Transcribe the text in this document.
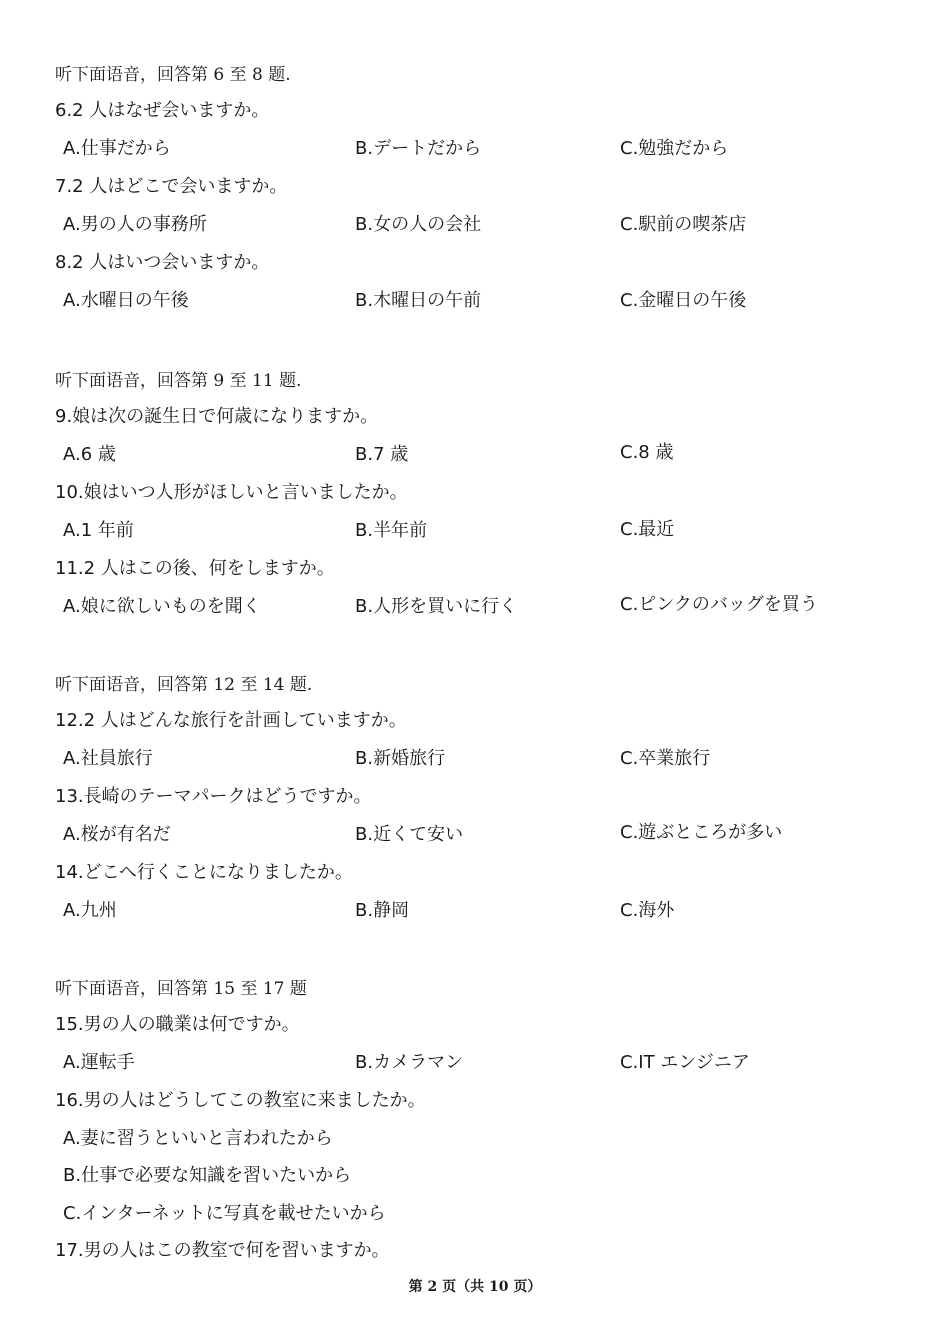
听下面语音，回答第 6 至 8 题.
6.2 人はなぜ会いますか。
A.仕事だから	B.デートだから	C.勉強だから
7.2 人はどこで会いますか。
A.男の人の事務所	B.女の人の会社	C.駅前の喫茶店
8.2 人はいつ会いますか。
A.水曜日の午後	B.木曜日の午前	C.金曜日の午後
听下面语音，回答第 9 至 11 题.
9.娘は次の誕生日で何歳になりますか。
A.6 歳	B.7 歳	C.8 歳
10.娘はいつ人形がほしいと言いましたか。
A.1 年前	B.半年前	C.最近
11.2 人はこの後、何をしますか。
A.娘に欲しいものを聞く	B.人形を買いに行く	C.ピンクのバッグを買う
听下面语音，回答第 12 至 14 题.
12.2 人はどんな旅行を計画していますか。
A.社員旅行	B.新婚旅行	C.卒業旅行
13.長崎のテーマパークはどうですか。
A.桜が有名だ	B.近くて安い	C.遊ぶところが多い
14.どこへ行くことになりましたか。
A.九州	B.静岡	C.海外
听下面语音，回答第 15 至 17 题
15.男の人の職業は何ですか。
A.運転手	B.カメラマン	C.IT エンジニア
16.男の人はどうしてこの教室に来ましたか。
A.妻に習うといいと言われたから
B.仕事で必要な知識を習いたいから
C.インターネットに写真を載せたいから
17.男の人はこの教室で何を習いますか。
第 2 页（共 10 页）
